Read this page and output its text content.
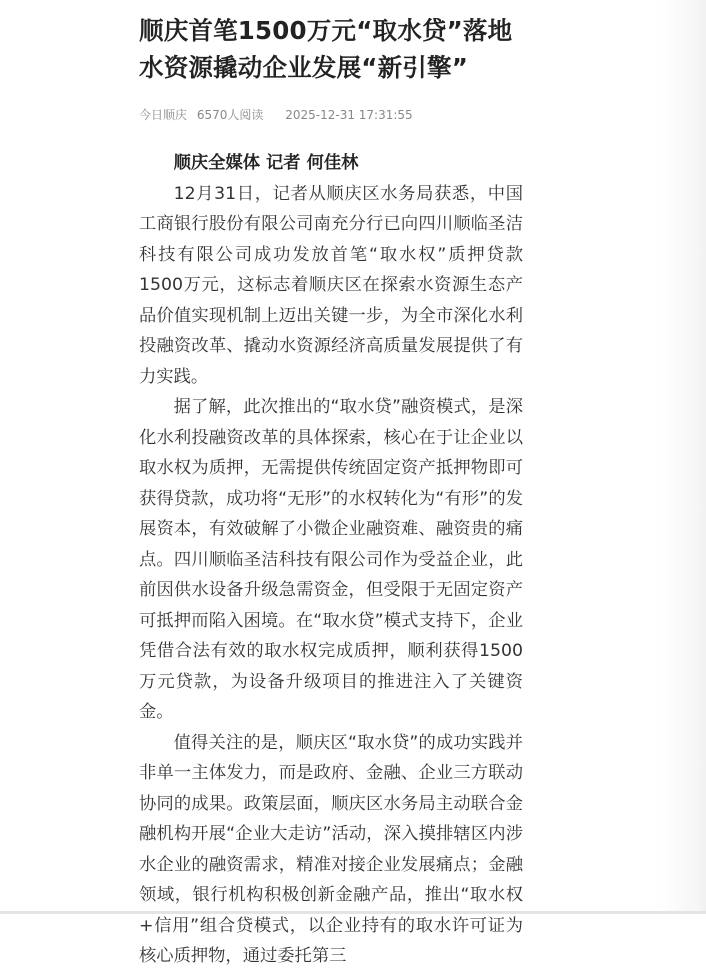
顺庆首笔1500万元“取水贷”落地 水资源撬动企业发展“新引擎”
今日顺庆 6570人阅读 2025-12-31 17:31:55

顺庆全媒体 记者 何佳林

12月31日，记者从顺庆区水务局获悉，中国工商银行股份有限公司南充分行已向四川顺临圣洁科技有限公司成功发放首笔“取水权”质押贷款1500万元，这标志着顺庆区在探索水资源生态产品价值实现机制上迈出关键一步，为全市深化水利投融资改革、撬动水资源经济高质量发展提供了有力实践。

据了解，此次推出的“取水贷”融资模式，是深化水利投融资改革的具体探索，核心在于让企业以取水权为质押，无需提供传统固定资产抵押物即可获得贷款，成功将“无形”的水权转化为“有形”的发展资本，有效破解了小微企业融资难、融资贵的痛点。四川顺临圣洁科技有限公司作为受益企业，此前因供水设备升级急需资金，但受限于无固定资产可抵押而陷入困境。在“取水贷”模式支持下，企业凭借合法有效的取水权完成质押，顺利获得1500万元贷款，为设备升级项目的推进注入了关键资金。

值得关注的是，顺庆区“取水贷”的成功实践并非单一主体发力，而是政府、金融、企业三方联动协同的成果。政策层面，顺庆区水务局主动联合金融机构开展“企业大走访”活动，深入摸排辖区内涉水企业的融资需求，精准对接企业发展痛点；金融领域，银行机构积极创新金融产品，推出“取水权+信用”组合贷模式，以企业持有的取水许可证为核心质押物，通过委托第三
